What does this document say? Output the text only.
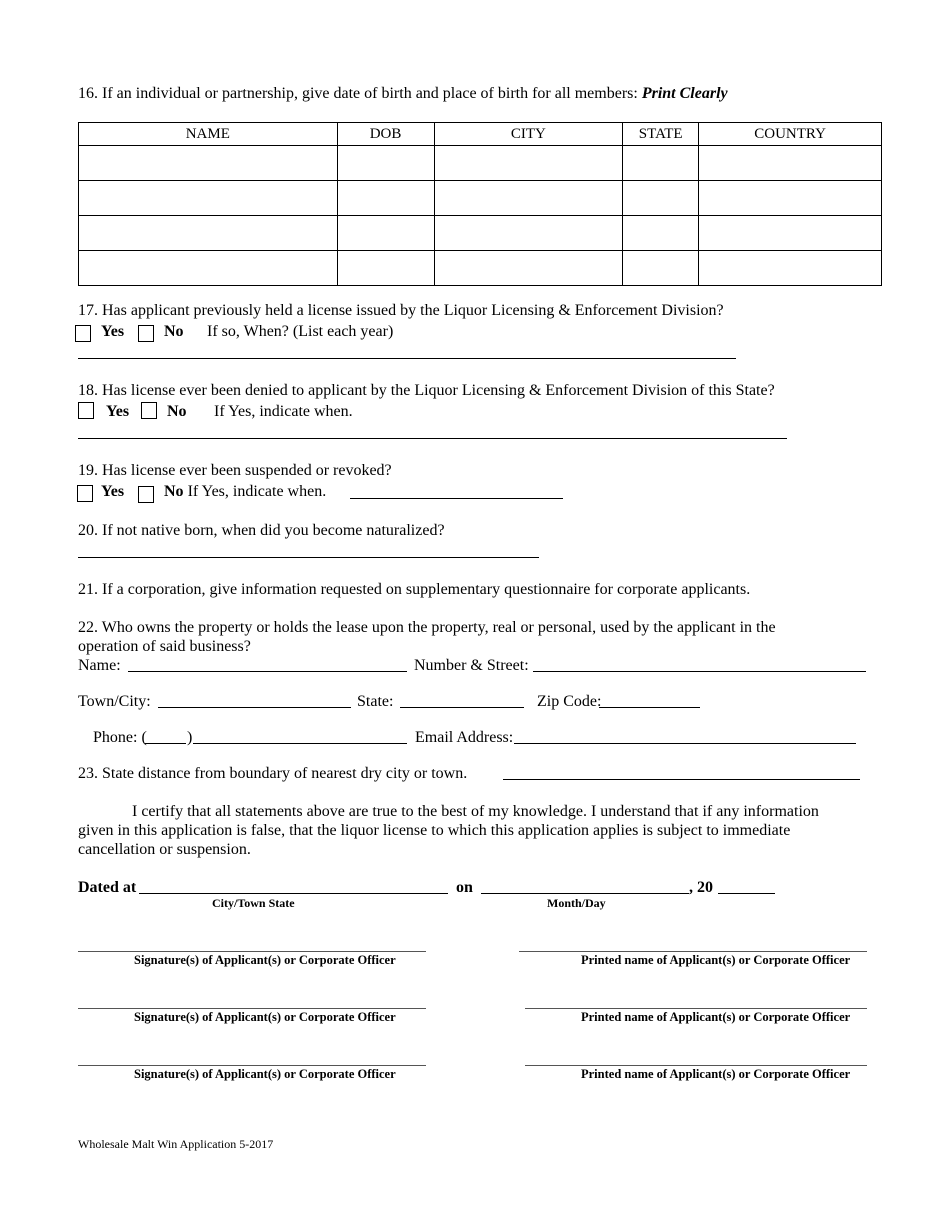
16. If an individual or partnership, give date of birth and place of birth for all members: Print Clearly
NAME	DOB	CITY	STATE	COUNTRY

17. Has applicant previously held a license issued by the Liquor Licensing & Enforcement Division?
Yes No If so, When? (List each year)
18. Has license ever been denied to applicant by the Liquor Licensing & Enforcement Division of this State?
Yes No If Yes, indicate when.
19. Has license ever been suspended or revoked?
Yes No If Yes, indicate when.
20. If not native born, when did you become naturalized?
21. If a corporation, give information requested on supplementary questionnaire for corporate applicants.
22. Who owns the property or holds the lease upon the property, real or personal, used by the applicant in the
operation of said business?
Name:	Number & Street:
Town/City:	State:	Zip Code:
Phone: (	)	Email Address:
23. State distance from boundary of nearest dry city or town.
I certify that all statements above are true to the best of my knowledge. I understand that if any information
given in this application is false, that the liquor license to which this application applies is subject to immediate
cancellation or suspension.
Dated at	on	, 20
City/Town State	Month/Day
Signature(s) of Applicant(s) or Corporate Officer	Printed name of Applicant(s) or Corporate Officer
Signature(s) of Applicant(s) or Corporate Officer	Printed name of Applicant(s) or Corporate Officer
Signature(s) of Applicant(s) or Corporate Officer	Printed name of Applicant(s) or Corporate Officer
Wholesale Malt Win Application 5-2017
